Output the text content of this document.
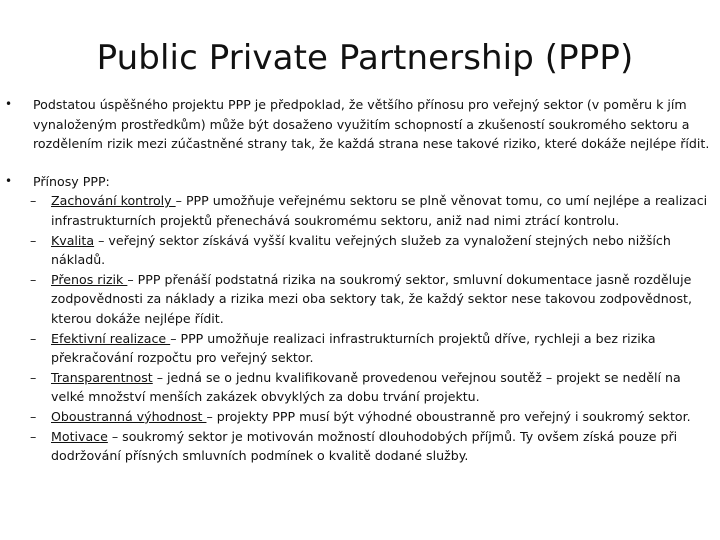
Public Private Partnership (PPP)
• Podstatou úspěšného projektu PPP je předpoklad, že většího přínosu pro veřejný sektor (v poměru k jím vynaloženým prostředkům) může být dosaženo využitím schopností a zkušeností soukromého sektoru a rozdělením rizik mezi zúčastněné strany tak, že každá strana nese takové riziko, které dokáže nejlépe řídit.
• Přínosy PPP:
– Zachování kontroly – PPP umožňuje veřejnému sektoru se plně věnovat tomu, co umí nejlépe a realizaci infrastrukturních projektů přenechává soukromému sektoru, aniž nad nimi ztrácí kontrolu.
– Kvalita – veřejný sektor získává vyšší kvalitu veřejných služeb za vynaložení stejných nebo nižších nákladů.
– Přenos rizik – PPP přenáší podstatná rizika na soukromý sektor, smluvní dokumentace jasně rozděluje zodpovědnosti za náklady a rizika mezi oba sektory tak, že každý sektor nese takovou zodpovědnost, kterou dokáže nejlépe řídit.
– Efektivní realizace – PPP umožňuje realizaci infrastrukturních projektů dříve, rychleji a bez rizika překračování rozpočtu pro veřejný sektor.
– Transparentnost – jedná se o jednu kvalifikovaně provedenou veřejnou soutěž – projekt se nedělí na velké množství menších zakázek obvyklých za dobu trvání projektu.
– Oboustranná výhodnost – projekty PPP musí být výhodné oboustranně pro veřejný i soukromý sektor.
– Motivace – soukromý sektor je motivován možností dlouhodobých příjmů. Ty ovšem získá pouze při dodržování přísných smluvních podmínek o kvalitě dodané služby.
